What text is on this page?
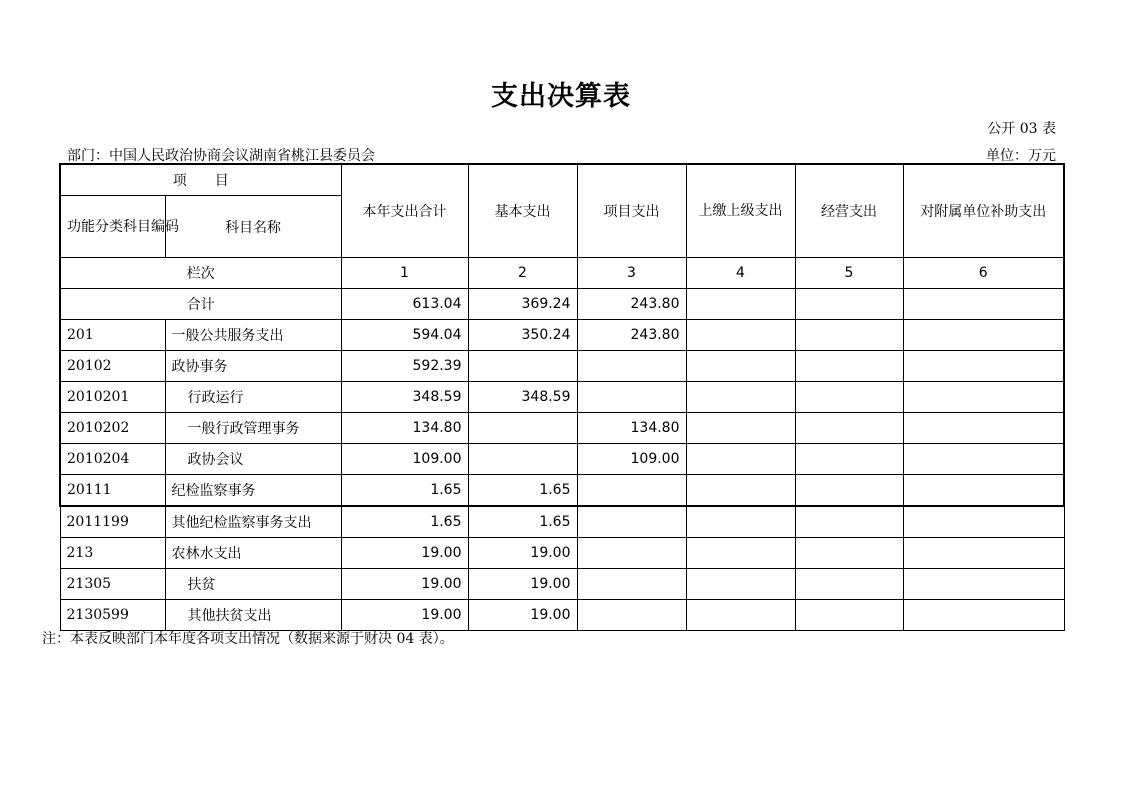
支出决算表
公开 03 表
部门：中国人民政治协商会议湖南省桃江县委员会	单位：万元
项　　目		本年支出合计	基本支出	项目支出	上缴上级支出	经营支出	对附属单位补助支出
功能分类科目编码	科目名称						
栏次		1	2	3	4	5	6
合计		613.04	369.24	243.80			
201	一般公共服务支出	594.04	350.24	243.80			
20102	政协事务	592.39					
2010201	行政运行	348.59	348.59				
2010202	一般行政管理事务	134.80		134.80			
2010204	政协会议	109.00		109.00			
20111	纪检监察事务	1.65	1.65				
2011199	其他纪检监察事务支出	1.65	1.65				
213	农林水支出	19.00	19.00				
21305	扶贫	19.00	19.00				
2130599	其他扶贫支出	19.00	19.00				
注：本表反映部门本年度各项支出情况（数据来源于财决 04 表）。
